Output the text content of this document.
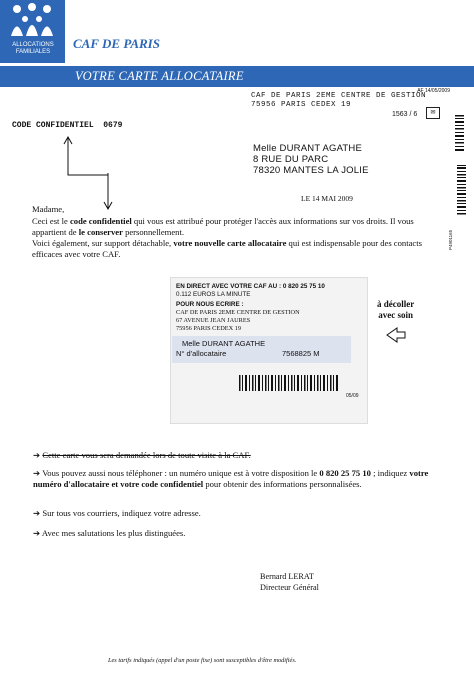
ALLOCATIONS
FAMILIALES
CAF DE PARIS
VOTRE CARTE ALLOCATAIRE
AF 14/05/2009
CAF DE PARIS 2EME CENTRE DE GESTION
75956 PARIS CEDEX 19
1563 / 6	✉
P4901165
CODE CONFIDENTIEL 0679
Melle DURANT AGATHE
8 RUE DU PARC
78320 MANTES LA JOLIE
LE 14 MAI 2009
Madame,
Ceci est le code confidentiel qui vous est attribué pour protéger l'accès aux informations sur vos droits. Il vous appartient de le conserver personnellement.
Voici également, sur support détachable, votre nouvelle carte allocataire qui est indispensable pour des contacts efficaces avec votre CAF.
EN DIRECT AVEC VOTRE CAF AU : 0 820 25 75 10
0.112 EUROS LA MINUTE
POUR NOUS ECRIRE :
CAF DE PARIS 2EME CENTRE DE GESTION
67 AVENUE JEAN JAURES
75956 PARIS CEDEX 19
Melle DURANT AGATHE
N° d'allocataire	7568825 M
05/09
à décoller
avec soin
➔ Cette carte vous sera demandée lors de toute visite à la CAF.
➔ Vous pouvez aussi nous téléphoner : un numéro unique est à votre disposition le 0 820 25 75 10 ; indiquez votre numéro d'allocataire et votre code confidentiel pour obtenir des informations personnalisées.
➔ Sur tous vos courriers, indiquez votre adresse.
➔ Avec mes salutations les plus distinguées.
Bernard LERAT
Directeur Général
Les tarifs indiqués (appel d'un poste fixe) sont susceptibles d'être modifiés.
